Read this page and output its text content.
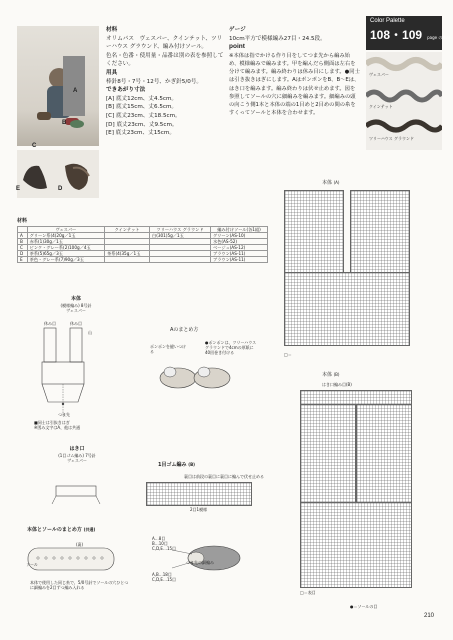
A
B
C
E	D
材料
オリムパス　ヴェスパー、クインテット、ツリーハウス グラウンド、編み付けソール。
色名・色番・使用量・品番は別の表を参照してください。
用具
棒針8号・7号・12号、かぎ針5/0号。
できあがり寸法
[A] 底丈12cm、丈4.5cm。
[B] 底丈15cm、丈6.5cm。
[C] 底丈23cm、丈18.5cm。
[D] 底丈23cm、丈9.5cm。
[E] 底丈23cm、丈15cm。
ゲージ
10cm平方で模様編み27目・24.5段。
point
※本体は指でかける作り目をしてつま先から編み始め、模様編みで編みます。甲を編んだら側面は左右を分けて編みます。編み終わりは休み目にします。●同士は引き抜きはぎにします。AはボンボンをB、B～Eは、はき口を編みます。編み終わりは伏せ止めます。図を参照してソールの穴に細編みを編みます。細編みの頭の向こう側1本と本体の端の1目めと2目めの間の糸をすくってソールと本体を合わせます。
Color Palette
108・109 page の作品
ヴェスパー
クインテット
ツリーハウス グラウンド
材料
	ヴェスパー	クインテット	ツリーハウス グラウンド	編み付けソール(各1組)
A	グリーン系(4)20g／1玉		白(301)5g／1玉	グリーン(AS-10)
B	赤系(1)30g／1玉			水色(AS-52)
C	ピンク・グレー系(2)100g／4玉			ベージュ(AS-12)
D	茶系(5)65g／3玉	茶系(4)35g／1玉		ブラウン(AS-11)
E	茶色・グレー系(7)90g／3玉			ブラウン(AS-11)
本体
(模様編み) 8号針
ヴェスパー
休み目	休み目
山
つま先
■同士は引抜きはぎ
※図み文字はA、他は共通
Aのまとめ方
ポンポンを縫いつける
●ポンポンは、ツリーハウスグラウンドで4cmの厚紙に40回巻き付ける
はき口
(1目ゴム編み) 7号針
ヴェスパー
1目ゴム編み (B)
裏目は前段の裏目に裏目に編んで伏せ止める
2目1模様
本体とソールのまとめ方 (共通)
ソール
(裏)
本体で使用した同じ糸で、5/0号針でソールの穴ひとつに細編みを2目ずつ編み入れる
A…8目
B…10目
C,D,E…15目
A,B…18目
C,D,E…15目
つま先の細編み
本体 (A)
□＝
本体 (B)
はき口編み目(B)
□＝表目
●＝ソールの目
210
